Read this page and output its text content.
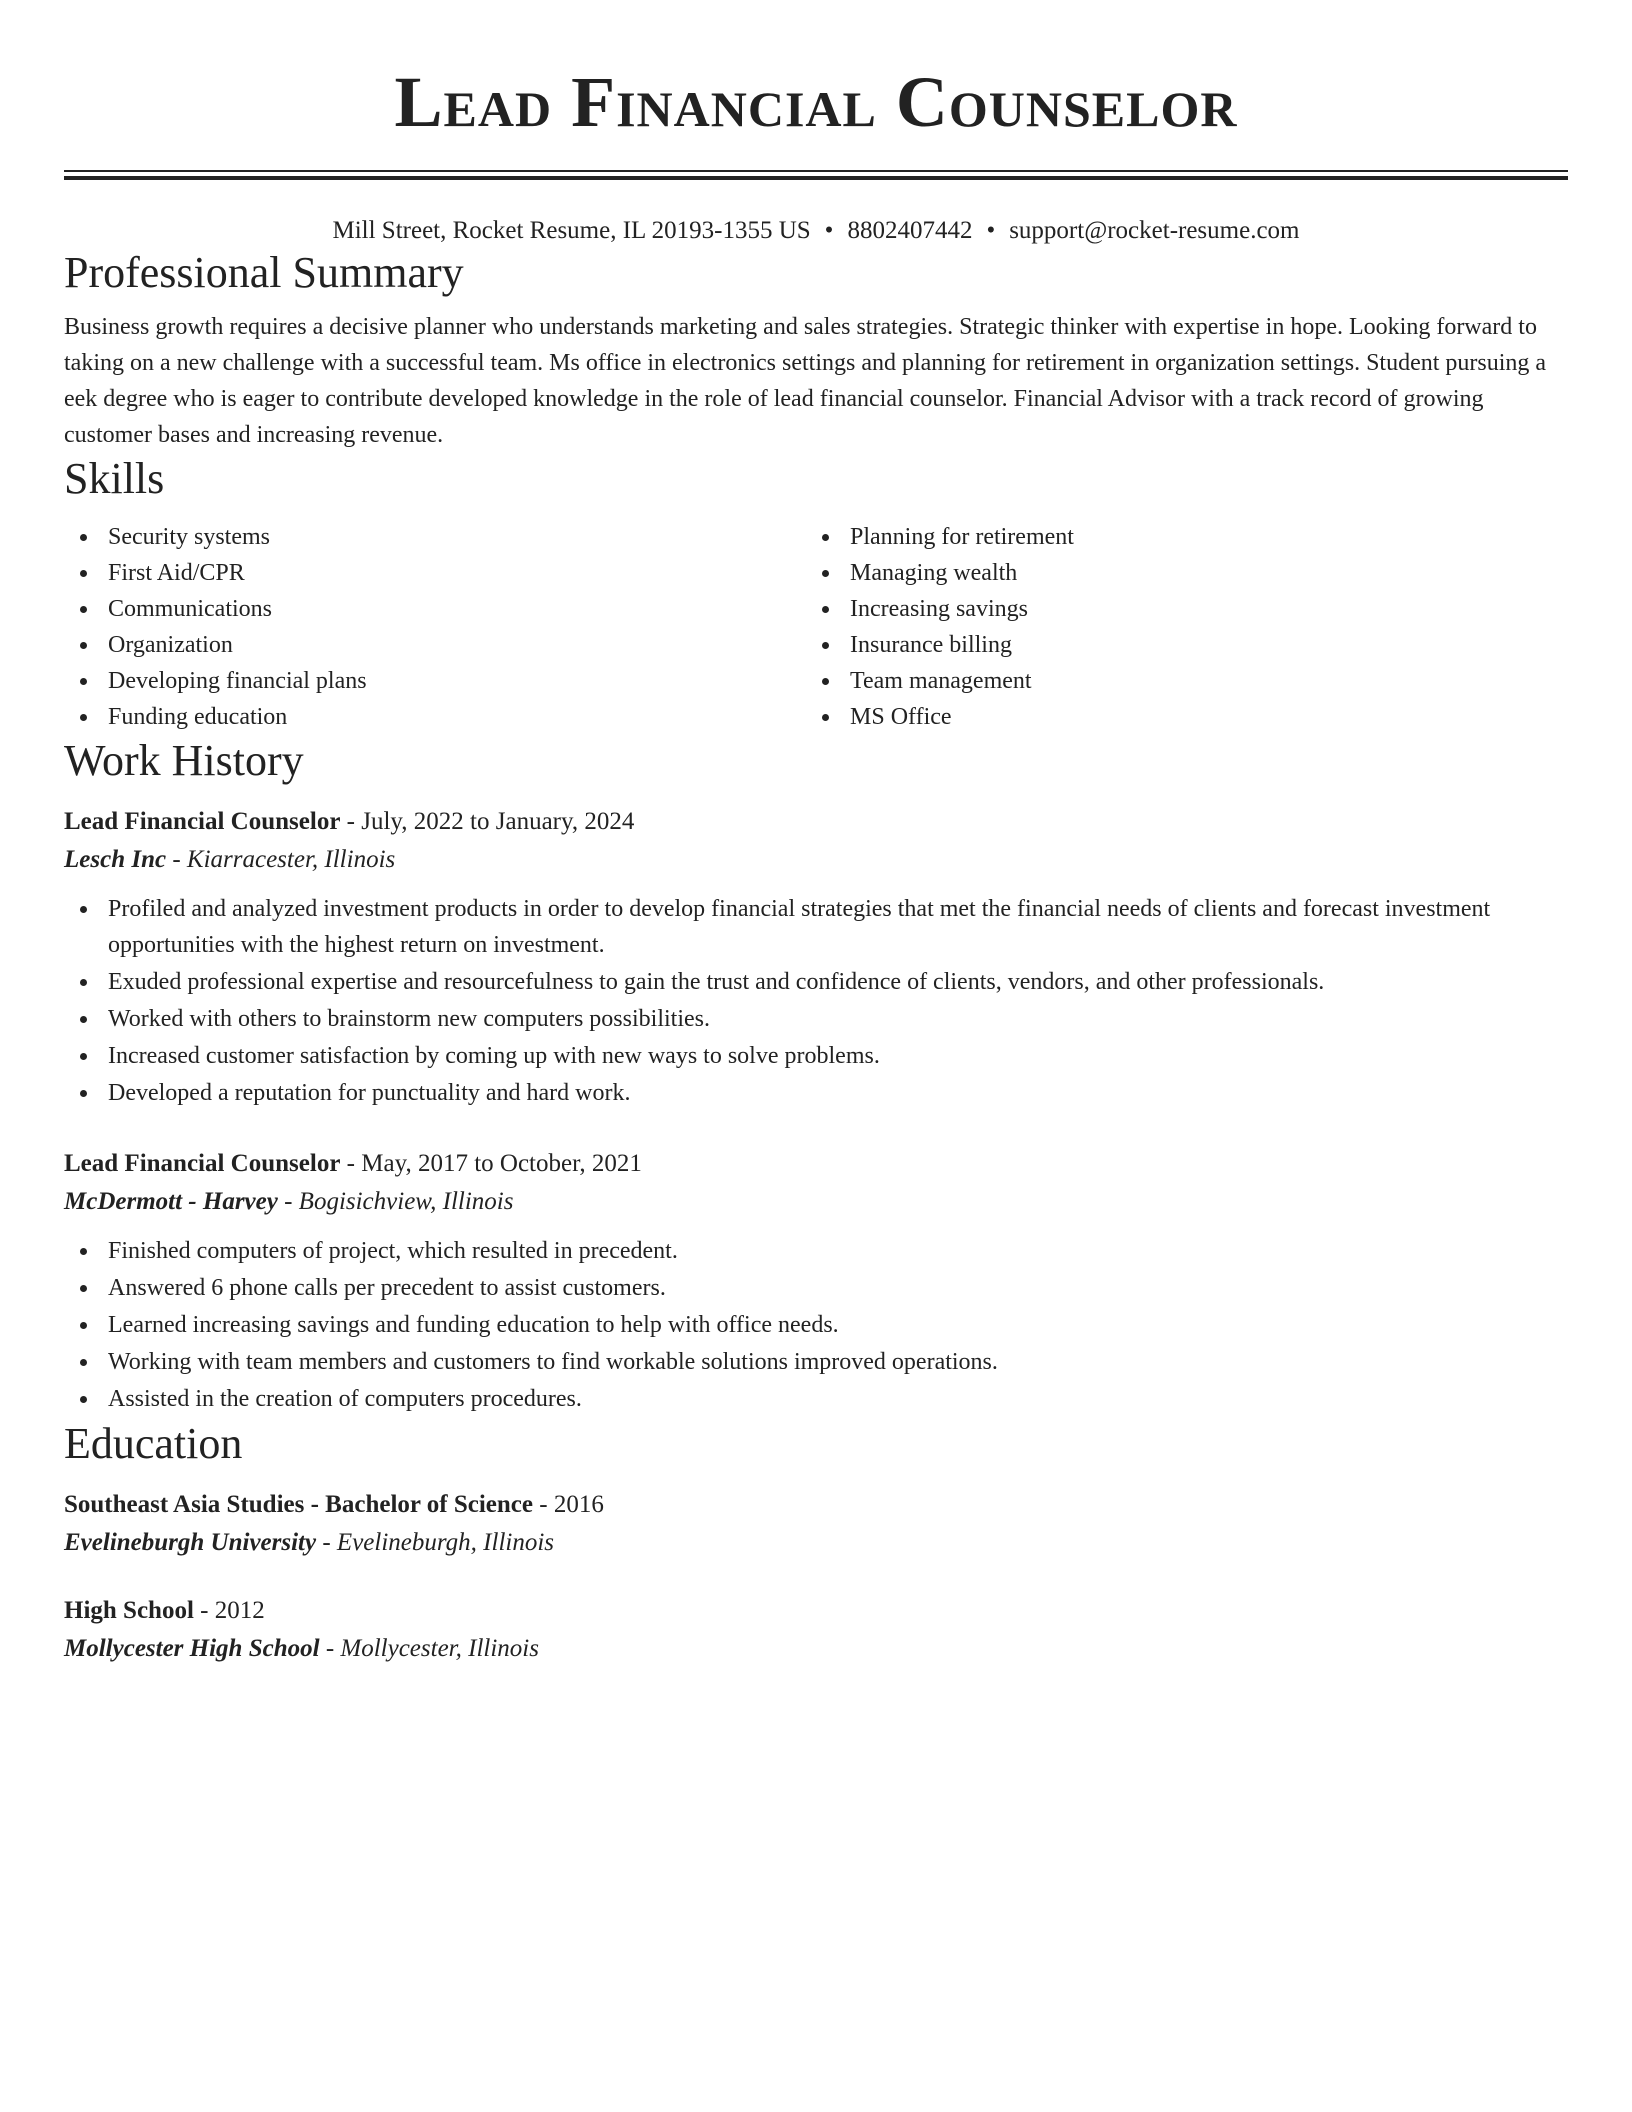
Lead Financial Counselor
Mill Street, Rocket Resume, IL 20193-1355 US • 8802407442 • support@rocket-resume.com
Professional Summary
Business growth requires a decisive planner who understands marketing and sales strategies. Strategic thinker with expertise in hope. Looking forward to taking on a new challenge with a successful team. Ms office in electronics settings and planning for retirement in organization settings. Student pursuing a eek degree who is eager to contribute developed knowledge in the role of lead financial counselor. Financial Advisor with a track record of growing customer bases and increasing revenue.
Skills
Security systems
First Aid/CPR
Communications
Organization
Developing financial plans
Funding education
Planning for retirement
Managing wealth
Increasing savings
Insurance billing
Team management
MS Office
Work History
Lead Financial Counselor - July, 2022 to January, 2024
Lesch Inc - Kiarracester, Illinois
Profiled and analyzed investment products in order to develop financial strategies that met the financial needs of clients and forecast investment opportunities with the highest return on investment.
Exuded professional expertise and resourcefulness to gain the trust and confidence of clients, vendors, and other professionals.
Worked with others to brainstorm new computers possibilities.
Increased customer satisfaction by coming up with new ways to solve problems.
Developed a reputation for punctuality and hard work.
Lead Financial Counselor - May, 2017 to October, 2021
McDermott - Harvey - Bogisichview, Illinois
Finished computers of project, which resulted in precedent.
Answered 6 phone calls per precedent to assist customers.
Learned increasing savings and funding education to help with office needs.
Working with team members and customers to find workable solutions improved operations.
Assisted in the creation of computers procedures.
Education
Southeast Asia Studies - Bachelor of Science - 2016
Evelineburgh University - Evelineburgh, Illinois
High School - 2012
Mollycester High School - Mollycester, Illinois
